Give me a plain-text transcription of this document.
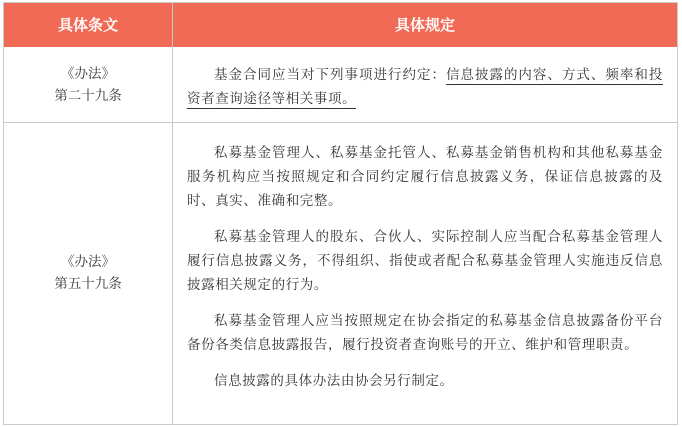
具体条文	具体规定
《办法》
第二十九条

基金合同应当对下列事项进行约定：信息披露的内容、方式、频率和投资者查询途径等相关事项。

《办法》
第五十九条

私募基金管理人、私募基金托管人、私募基金销售机构和其他私募基金服务机构应当按照规定和合同约定履行信息披露义务，保证信息披露的及时、真实、准确和完整。

私募基金管理人的股东、合伙人、实际控制人应当配合私募基金管理人履行信息披露义务，不得组织、指使或者配合私募基金管理人实施违反信息披露相关规定的行为。

私募基金管理人应当按照规定在协会指定的私募基金信息披露备份平台备份各类信息披露报告，履行投资者查询账号的开立、维护和管理职责。

信息披露的具体办法由协会另行制定。
